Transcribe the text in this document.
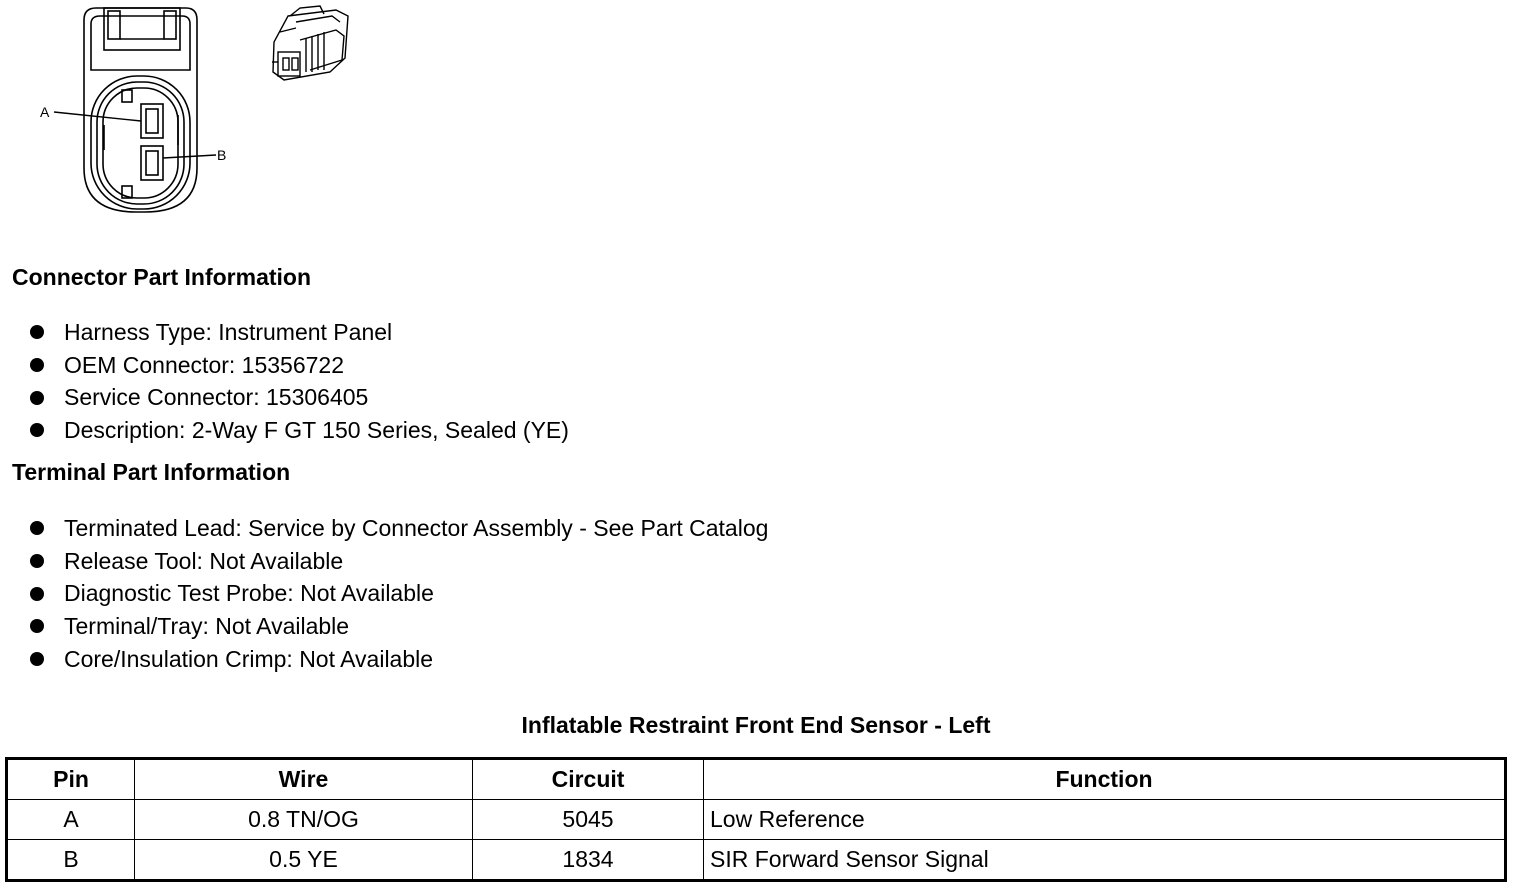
A
B
Connector Part Information
Harness Type: Instrument Panel
OEM Connector: 15356722
Service Connector: 15306405
Description: 2-Way F GT 150 Series, Sealed (YE)
Terminal Part Information
Terminated Lead: Service by Connector Assembly - See Part Catalog
Release Tool: Not Available
Diagnostic Test Probe: Not Available
Terminal/Tray: Not Available
Core/Insulation Crimp: Not Available
Inflatable Restraint Front End Sensor - Left
Pin	Wire	Circuit	Function
A	0.8 TN/OG	5045	Low Reference
B	0.5 YE	1834	SIR Forward Sensor Signal
